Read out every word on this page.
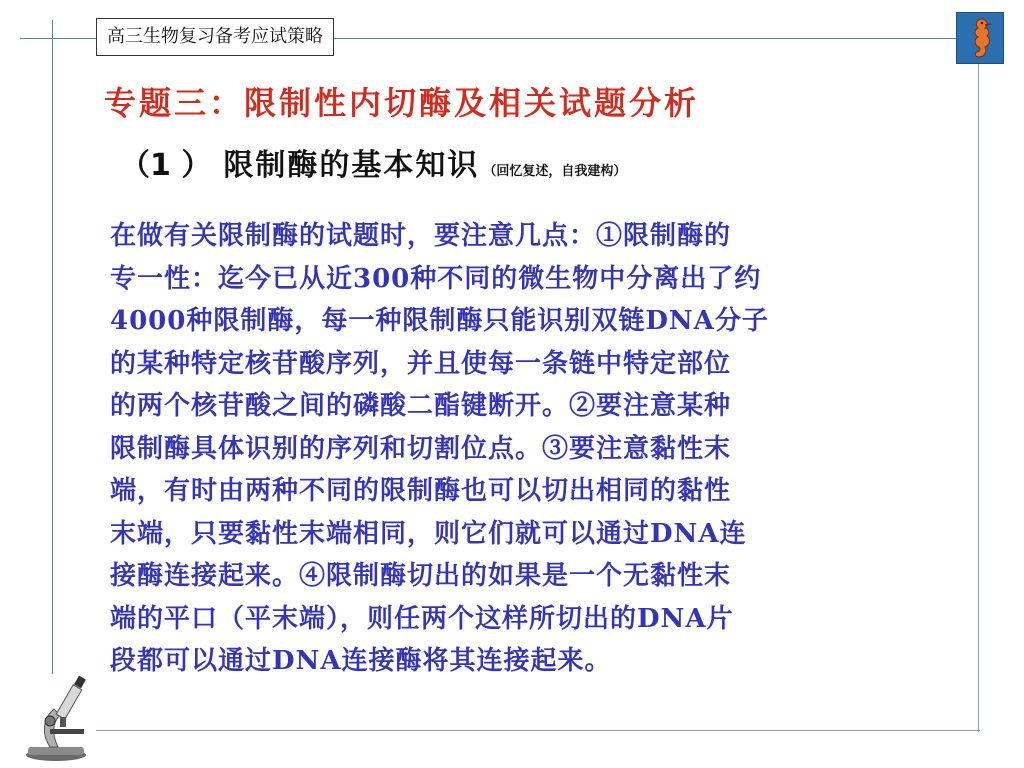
高三生物复习备考应试策略
专题三：限制性内切酶及相关试题分析
（1 ） 限制酶的基本知识 （回忆复述，自我建构）

在做有关限制酶的试题时，要注意几点：①限制酶的
专一性：迄今已从近300种不同的微生物中分离出了约
4000种限制酶，每一种限制酶只能识别双链DNA分子
的某种特定核苷酸序列，并且使每一条链中特定部位
的两个核苷酸之间的磷酸二酯键断开。②要注意某种
限制酶具体识别的序列和切割位点。③要注意黏性末
端，有时由两种不同的限制酶也可以切出相同的黏性
末端，只要黏性末端相同，则它们就可以通过DNA连
接酶连接起来。④限制酶切出的如果是一个无黏性末
端的平口（平末端），则任两个这样所切出的DNA片
段都可以通过DNA连接酶将其连接起来。
